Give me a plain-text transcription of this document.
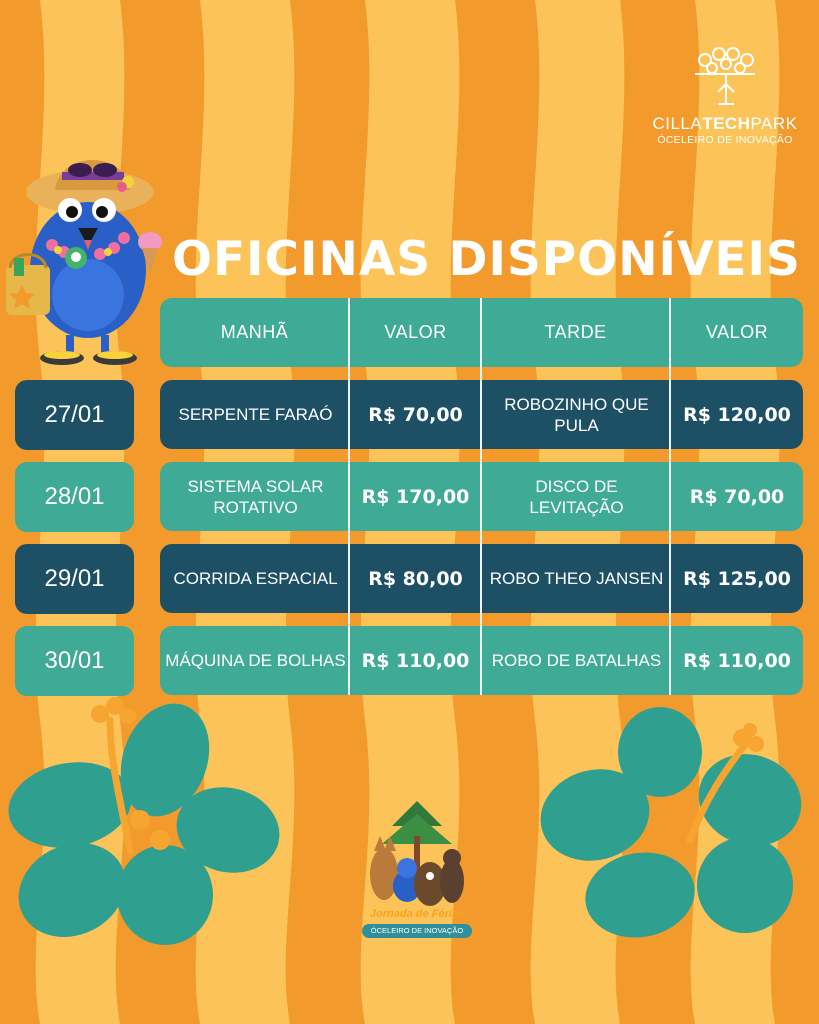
CILLATECHPARK
ÓCELEIRO DE INOVAÇÃO
OFICINAS DISPONÍVEIS
MANHÃ	VALOR	TARDE	VALOR
27/01	SERPENTE FARAÓ	R$ 70,00	ROBOZINHO QUE PULA	R$ 120,00
28/01	SISTEMA SOLAR ROTATIVO	R$ 170,00	DISCO DE LEVITAÇÃO	R$ 70,00
29/01	CORRIDA ESPACIAL	R$ 80,00	ROBO THEO JANSEN	R$ 125,00
30/01	MÁQUINA DE BOLHAS R$ 110,00	ROBO DE BATALHAS	R$ 110,00
Jornada de Férias
ÓCELEIRO DE INOVAÇÃO
